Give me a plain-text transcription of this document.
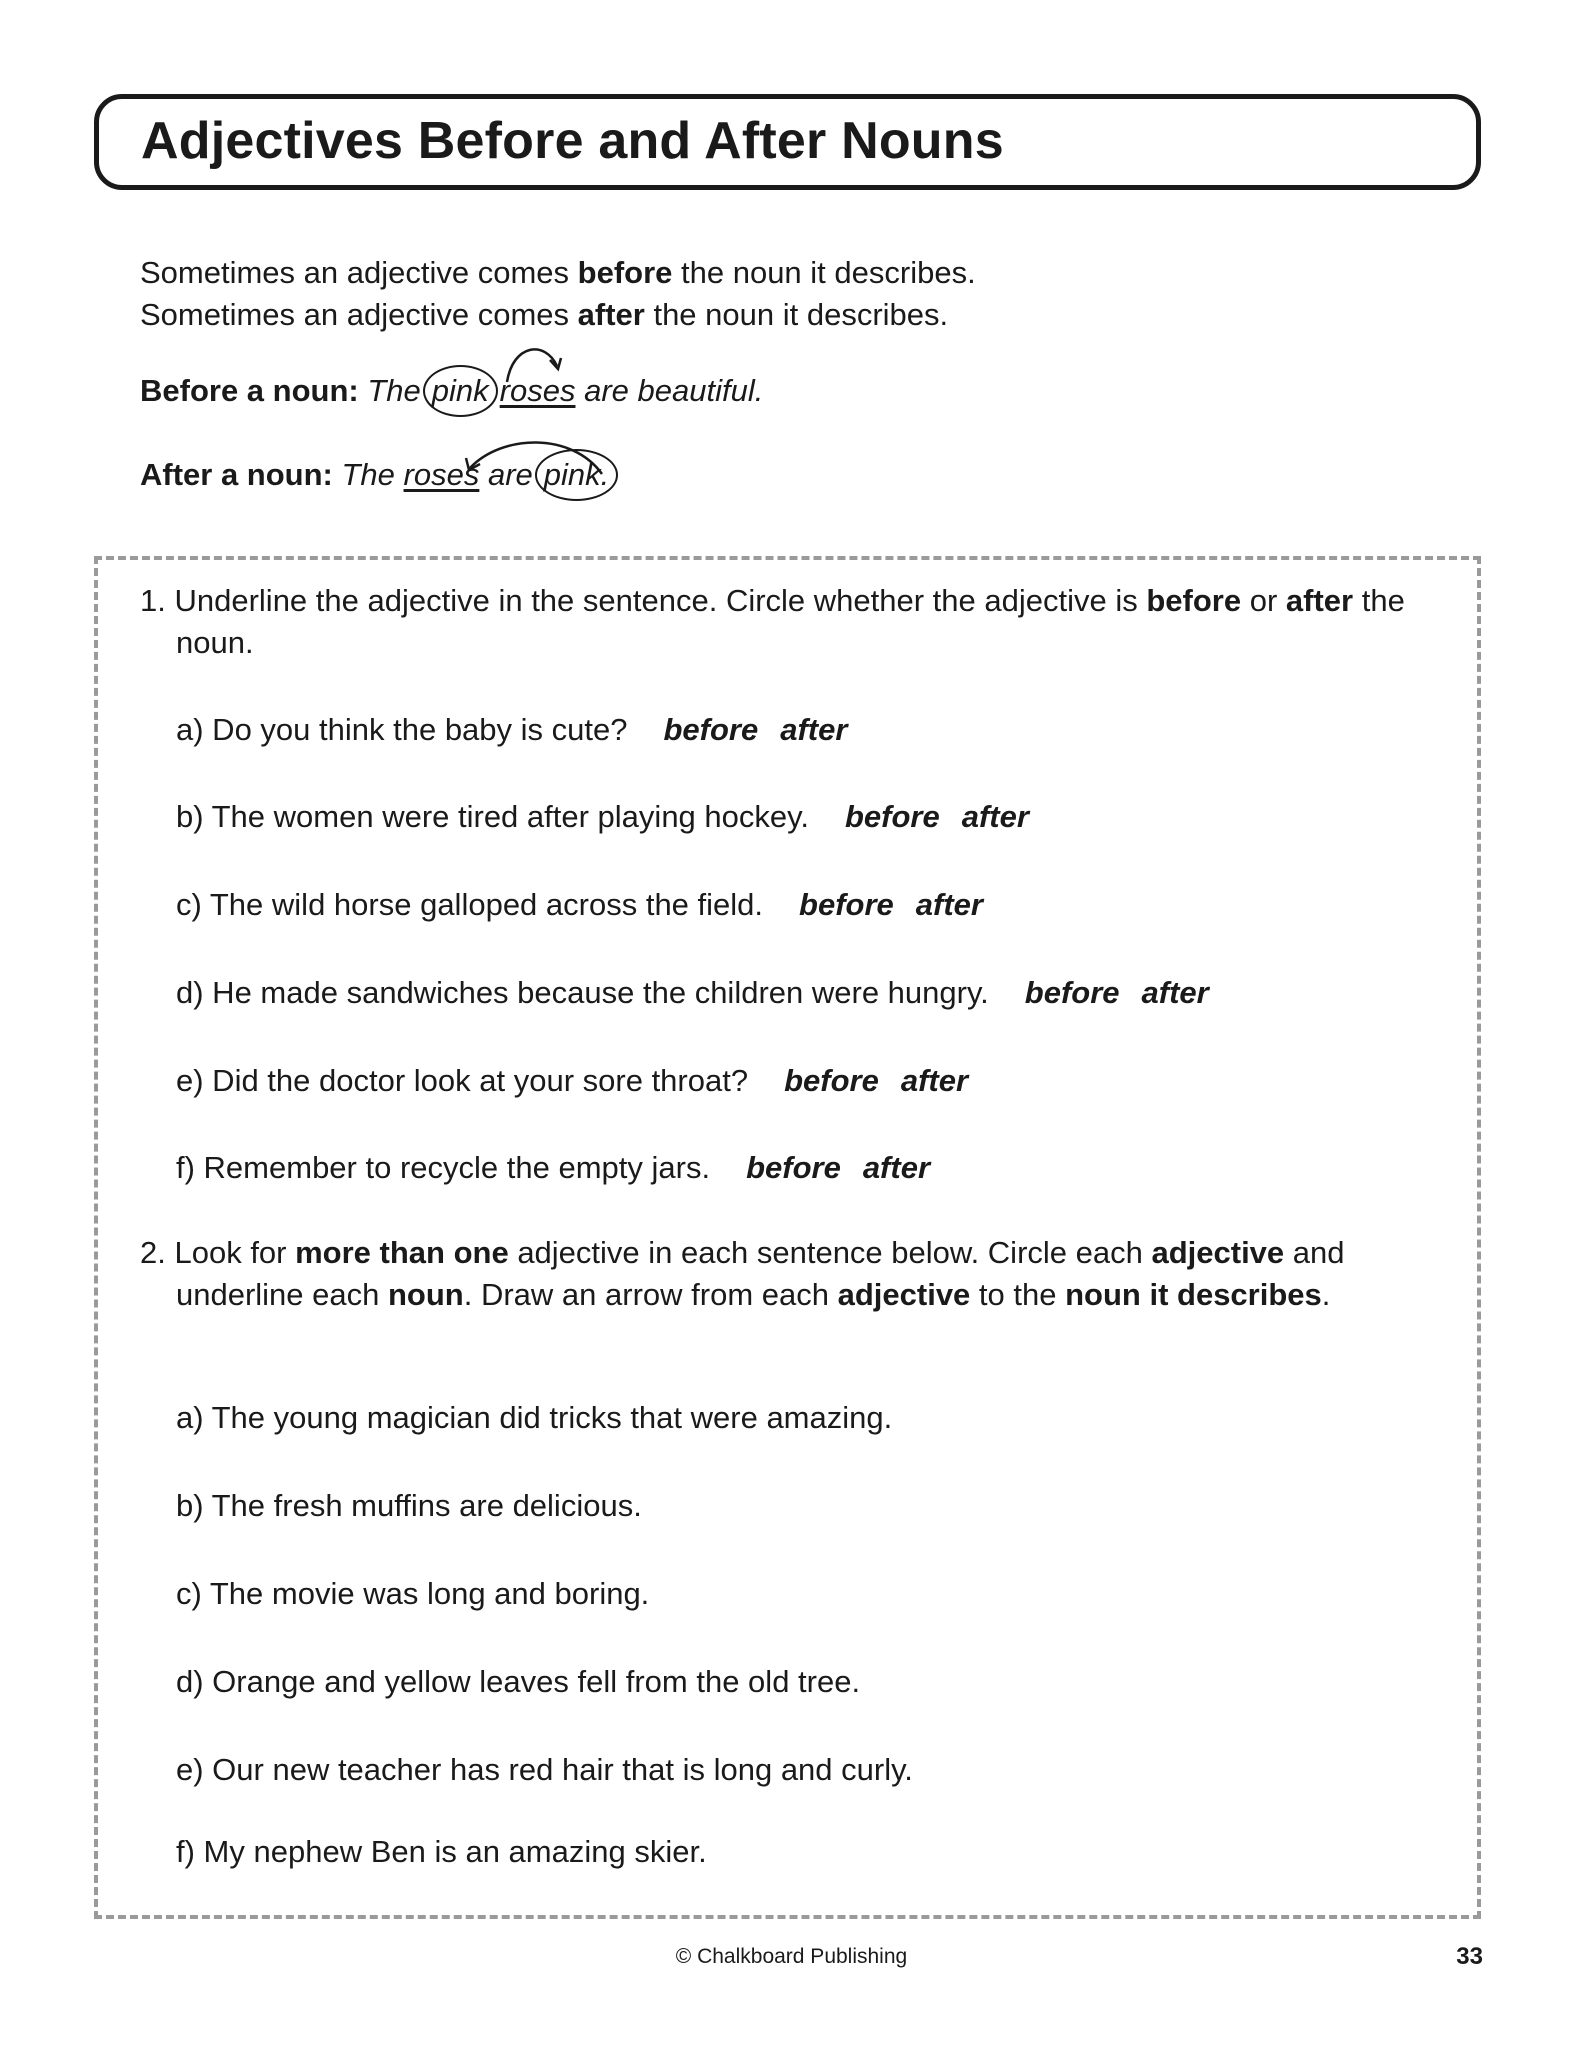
Adjectives Before and After Nouns
Sometimes an adjective comes before the noun it describes.
Sometimes an adjective comes after the noun it describes.
Before a noun: The pink roses are beautiful.
After a noun: The roses are pink.
1. Underline the adjective in the sentence. Circle whether the adjective is before or after the noun.
a) Do you think the baby is cute? before after
b) The women were tired after playing hockey. before after
c) The wild horse galloped across the field. before after
d) He made sandwiches because the children were hungry. before after
e) Did the doctor look at your sore throat? before after
f) Remember to recycle the empty jars. before after
2. Look for more than one adjective in each sentence below. Circle each adjective and underline each noun. Draw an arrow from each adjective to the noun it describes.
a) The young magician did tricks that were amazing.
b) The fresh muffins are delicious.
c) The movie was long and boring.
d) Orange and yellow leaves fell from the old tree.
e) Our new teacher has red hair that is long and curly.
f) My nephew Ben is an amazing skier.
© Chalkboard Publishing	33
